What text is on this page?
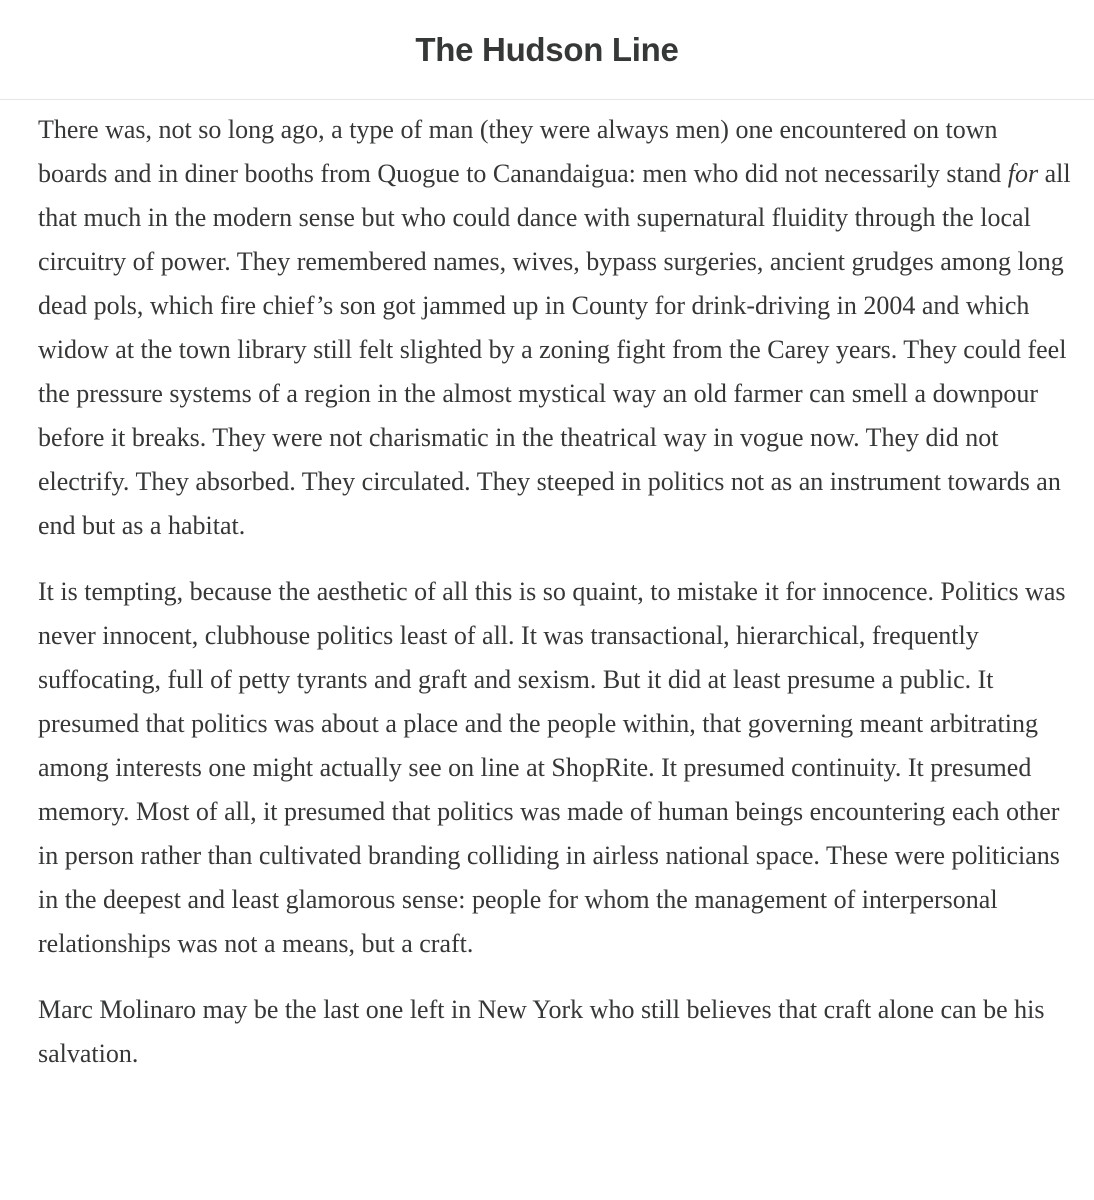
The Hudson Line

There was, not so long ago, a type of man (they were always men) one encountered on town boards and in diner booths from Quogue to Canandaigua: men who did not necessarily stand for all that much in the modern sense but who could dance with supernatural fluidity through the local circuitry of power. They remembered names, wives, bypass surgeries, ancient grudges among long dead pols, which fire chief’s son got jammed up in County for drink-driving in 2004 and which widow at the town library still felt slighted by a zoning fight from the Carey years. They could feel the pressure systems of a region in the almost mystical way an old farmer can smell a downpour before it breaks. They were not charismatic in the theatrical way in vogue now. They did not electrify. They absorbed. They circulated. They steeped in politics not as an instrument towards an end but as a habitat.

It is tempting, because the aesthetic of all this is so quaint, to mistake it for innocence. Politics was never innocent, clubhouse politics least of all. It was transactional, hierarchical, frequently suffocating, full of petty tyrants and graft and sexism. But it did at least presume a public. It presumed that politics was about a place and the people within, that governing meant arbitrating among interests one might actually see on line at ShopRite. It presumed continuity. It presumed memory. Most of all, it presumed that politics was made of human beings encountering each other in person rather than cultivated branding colliding in airless national space. These were politicians in the deepest and least glamorous sense: people for whom the management of interpersonal relationships was not a means, but a craft.

Marc Molinaro may be the last one left in New York who still believes that craft alone can be his salvation.
